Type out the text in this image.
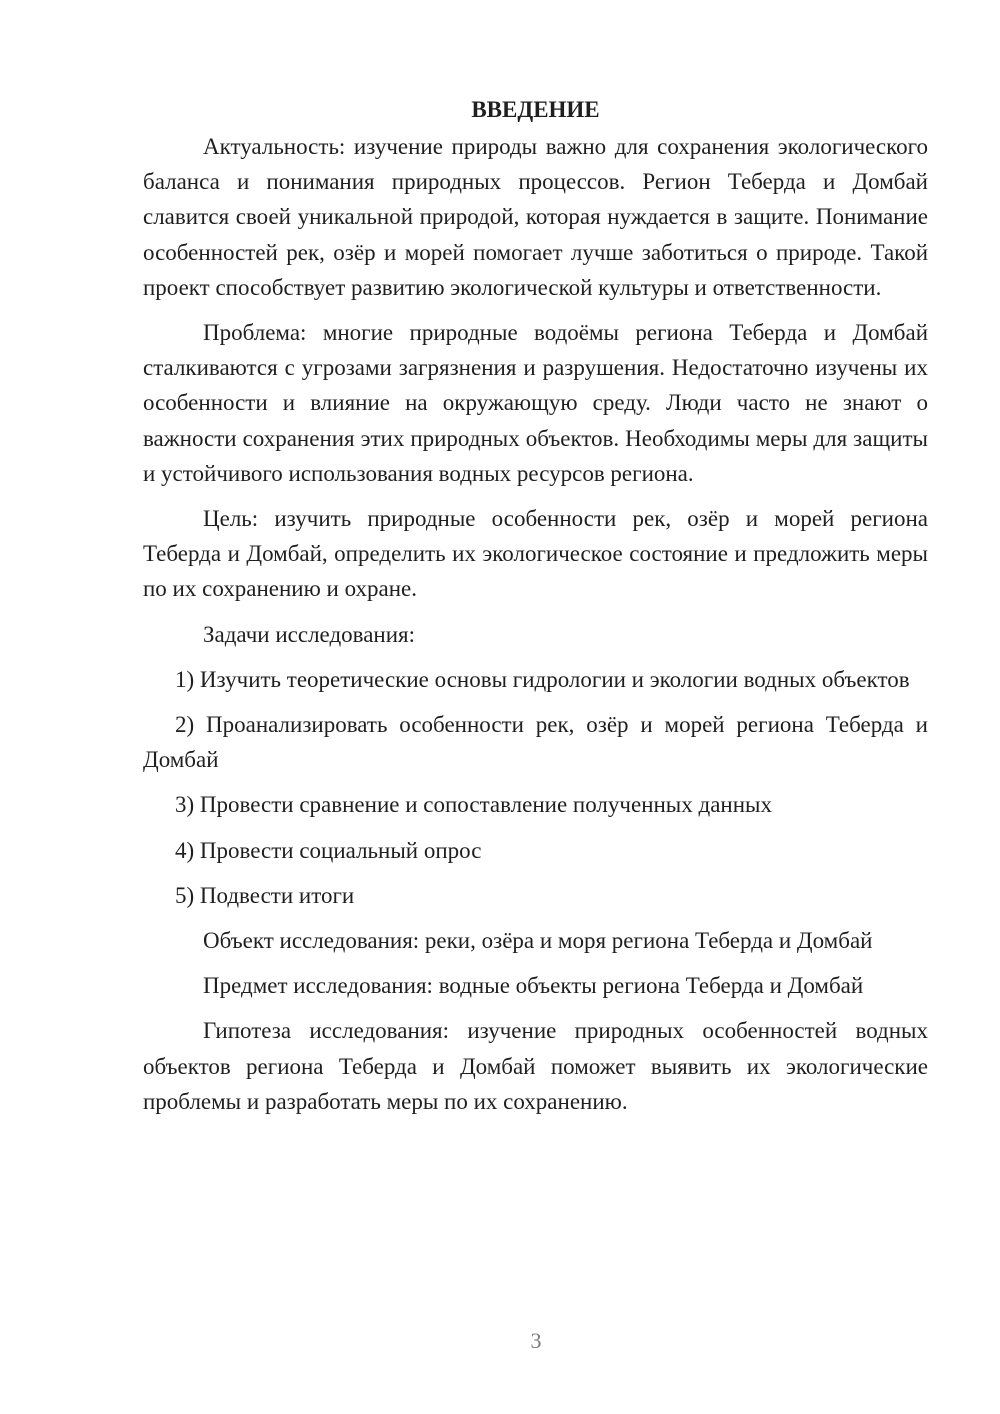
ВВЕДЕНИЕ
Актуальность: изучение природы важно для сохранения экологического баланса и понимания природных процессов. Регион Теберда и Домбай славится своей уникальной природой, которая нуждается в защите. Понимание особенностей рек, озёр и морей помогает лучше заботиться о природе. Такой проект способствует развитию экологической культуры и ответственности.
Проблема: многие природные водоёмы региона Теберда и Домбай сталкиваются с угрозами загрязнения и разрушения. Недостаточно изучены их особенности и влияние на окружающую среду. Люди часто не знают о важности сохранения этих природных объектов. Необходимы меры для защиты и устойчивого использования водных ресурсов региона.
Цель: изучить природные особенности рек, озёр и морей региона Теберда и Домбай, определить их экологическое состояние и предложить меры по их сохранению и охране.
Задачи исследования:
1) Изучить теоретические основы гидрологии и экологии водных объектов
2) Проанализировать особенности рек, озёр и морей региона Теберда и Домбай
3) Провести сравнение и сопоставление полученных данных
4) Провести социальный опрос
5) Подвести итоги
Объект исследования: реки, озёра и моря региона Теберда и Домбай
Предмет исследования: водные объекты региона Теберда и Домбай
Гипотеза исследования: изучение природных особенностей водных объектов региона Теберда и Домбай поможет выявить их экологические проблемы и разработать меры по их сохранению.
3
